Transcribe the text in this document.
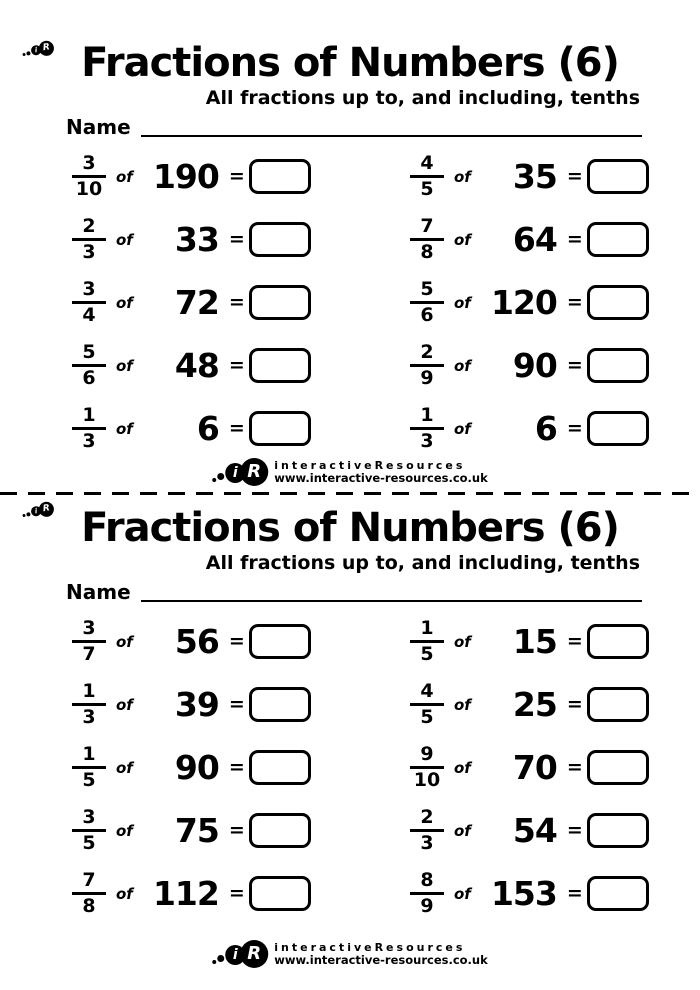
i R Fractions of Numbers (6)
All fractions up to, and including, tenths
Name
$\frac{3}{10}$ of 190 =
$\frac{2}{3}$ of	33 =
$\frac{3}{4}$ of	72 =
$\frac{5}{6}$ of	48 =
$\frac{1}{3}$ of	6 =
$\frac{4}{5}$ of	35 =
$\frac{7}{8}$ of	64 =
$\frac{5}{6}$ of 120 =
$\frac{2}{9}$ of	90 =
$\frac{1}{3}$ of	6 =
i R	interactiveResources
www.interactive-resources.co.uk
i R Fractions of Numbers (6)
All fractions up to, and including, tenths
Name
$\frac{3}{7}$ of	56 =
$\frac{1}{3}$ of	39 =
$\frac{1}{5}$ of	90 =
$\frac{3}{5}$ of	75 =
$\frac{7}{8}$ of 112 =
$\frac{1}{5}$ of	15 =
$\frac{4}{5}$ of	25 =
$\frac{9}{10}$ of	70 =
$\frac{2}{3}$ of	54 =
$\frac{8}{9}$ of 153 =
i R	interactiveResources
www.interactive-resources.co.uk
